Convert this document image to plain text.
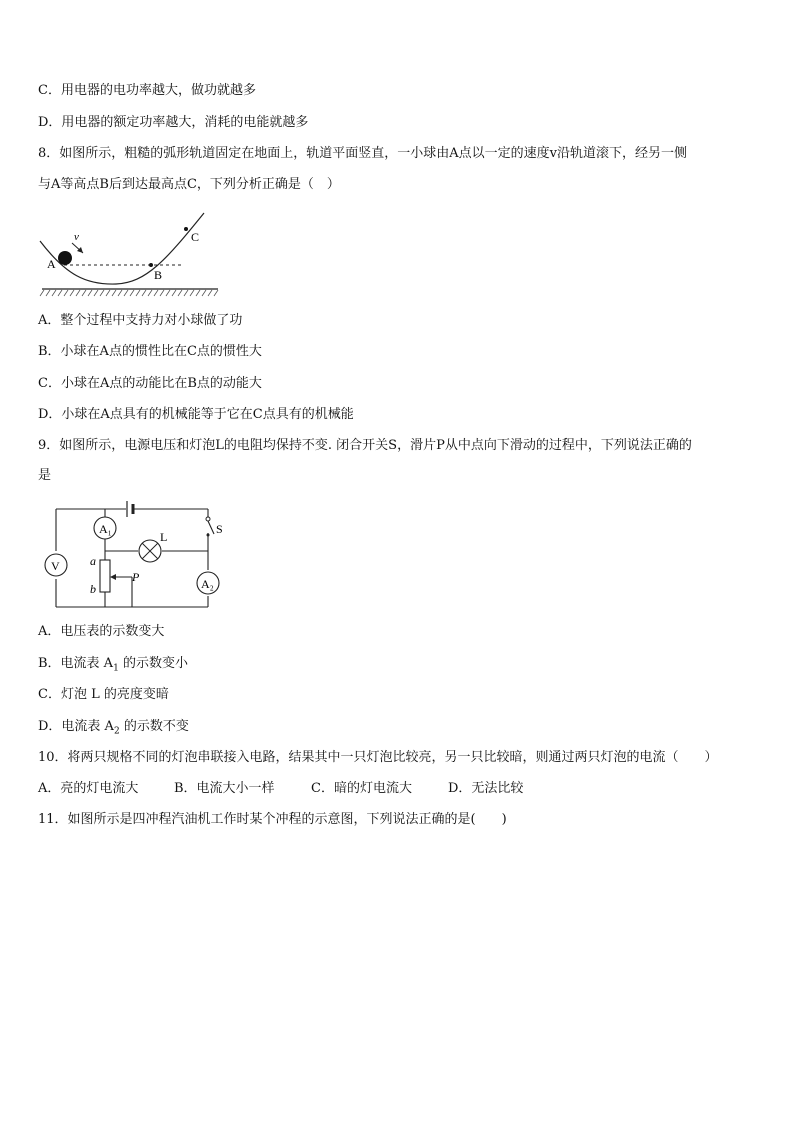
C．用电器的电功率越大，做功就越多
D．用电器的额定功率越大，消耗的电能就越多
8．如图所示，粗糙的弧形轨道固定在地面上，轨道平面竖直，一小球由A点以一定的速度v沿轨道滚下，经另一侧
与A等高点B后到达最高点C，下列分析正确是（　）
v
A
B
C
A．整个过程中支持力对小球做了功
B．小球在A点的惯性比在C点的惯性大
C．小球在A点的动能比在B点的动能大
D．小球在A点具有的机械能等于它在C点具有的机械能
9．如图所示，电源电压和灯泡L的电阻均保持不变. 闭合开关S，滑片P从中点向下滑动的过程中，下列说法正确的
是
S
A₁
V
L
a
b
P	A₂
A．电压表的示数变大
B．电流表 $A_1$ 的示数变小
C．灯泡 L 的亮度变暗
D．电流表 $A_2$ 的示数不变
10．将两只规格不同的灯泡串联接入电路，结果其中一只灯泡比较亮，另一只比较暗，则通过两只灯泡的电流（　　）
A．亮的灯电流大	B．电流大小一样	C．暗的灯电流大	D．无法比较
11．如图所示是四冲程汽油机工作时某个冲程的示意图，下列说法正确的是(　　)
